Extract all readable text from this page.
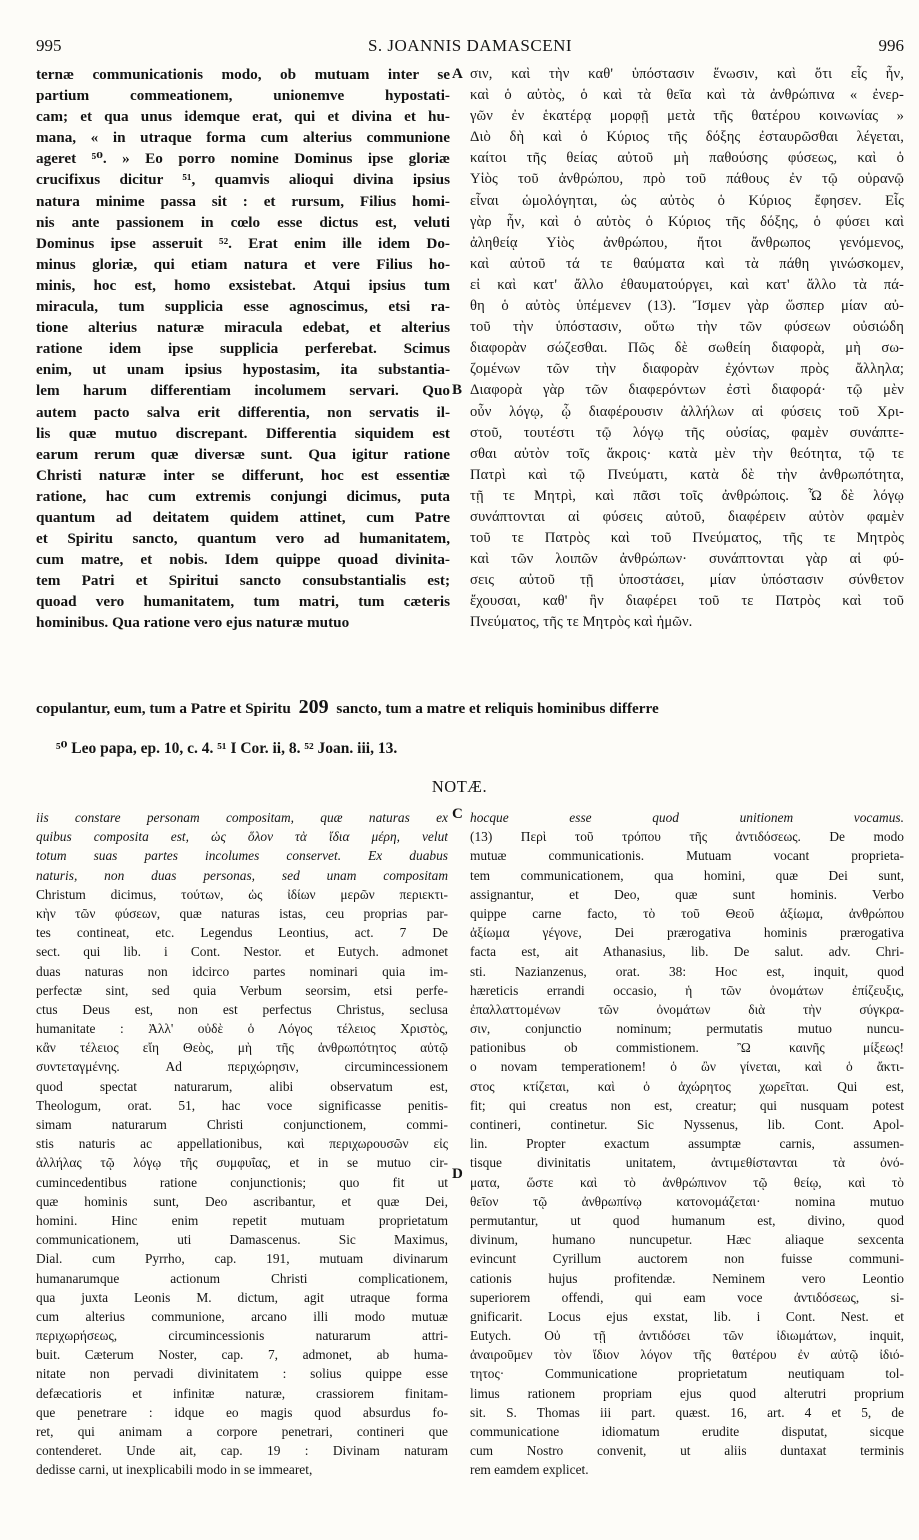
995	S. JOANNIS DAMASCENI	996
ternæ communicationis modo, ob mutuam inter se
partium commeationem, unionemve hypostati-
cam; et qua unus idemque erat, qui et divina et hu-
mana, « in utraque forma cum alterius communione
ageret ⁵⁰. » Eo porro nomine Dominus ipse gloriæ
crucifixus dicitur ⁵¹, quamvis alioqui divina ipsius
natura minime passa sit : et rursum, Filius homi-
nis ante passionem in cœlo esse dictus est, veluti
Dominus ipse asseruit ⁵². Erat enim ille idem Do-
minus gloriæ, qui etiam natura et vere Filius ho-
minis, hoc est, homo exsistebat. Atqui ipsius tum
miracula, tum supplicia esse agnoscimus, etsi ra-
tione alterius naturæ miracula edebat, et alterius
ratione idem ipse supplicia perferebat. Scimus
enim, ut unam ipsius hypostasim, ita substantia-
lem harum differentiam incolumem servari. Quo
autem pacto salva erit differentia, non servatis il-
lis quæ mutuo discrepant. Differentia siquidem est
earum rerum quæ diversæ sunt. Qua igitur ratione
Christi naturæ inter se differunt, hoc est essentiæ
ratione, hac cum extremis conjungi dicimus, puta
quantum ad deitatem quidem attinet, cum Patre
et Spiritu sancto, quantum vero ad humanitatem,
cum matre, et nobis. Idem quippe quoad divinita-
tem Patri et Spiritui sancto consubstantialis est;
quoad vero humanitatem, tum matri, tum cæteris
hominibus. Qua ratione vero ejus naturæ mutuo
σιν, καὶ τὴν καθ' ὑπόστασιν ἕνωσιν, καὶ ὅτι εἷς ἦν,
καὶ ὁ αὐτὸς, ὁ καὶ τὰ θεῖα καὶ τὰ ἀνθρώπινα « ἐνερ-
γῶν ἐν ἑκατέρᾳ μορφῇ μετὰ τῆς θατέρου κοινωνίας »
Διὸ δὴ καὶ ὁ Κύριος τῆς δόξης ἐσταυρῶσθαι λέγεται,
καίτοι τῆς θείας αὐτοῦ μὴ παθούσης φύσεως, καὶ ὁ
Υἱὸς τοῦ ἀνθρώπου, πρὸ τοῦ πάθους ἐν τῷ οὐρανῷ
εἶναι ὡμολόγηται, ὡς αὐτὸς ὁ Κύριος ἔφησεν. Εἷς
γὰρ ἦν, καὶ ὁ αὐτὸς ὁ Κύριος τῆς δόξης, ὁ φύσει καὶ
ἀληθείᾳ Υἱὸς ἀνθρώπου, ἤτοι ἄνθρωπος γενόμενος,
καὶ αὐτοῦ τά τε θαύματα καὶ τὰ πάθη γινώσκομεν,
εἰ καὶ κατ' ἄλλο ἐθαυματούργει, καὶ κατ' ἄλλο τὰ πά-
θη ὁ αὐτὸς ὑπέμενεν (13). Ἴσμεν γὰρ ὥσπερ μίαν αὐ-
τοῦ τὴν ὑπόστασιν, οὕτω τὴν τῶν φύσεων οὐσιώδη
διαφορὰν σώζεσθαι. Πῶς δὲ σωθείη διαφορὰ, μὴ σω-
ζομένων τῶν τὴν διαφορὰν ἐχόντων πρὸς ἄλληλα;
Διαφορὰ γὰρ τῶν διαφερόντων ἐστὶ διαφορά· τῷ μὲν
οὖν λόγῳ, ᾧ διαφέρουσιν ἀλλήλων αἱ φύσεις τοῦ Χρι-
στοῦ, τουτέστι τῷ λόγῳ τῆς οὐσίας, φαμὲν συνάπτε-
σθαι αὐτὸν τοῖς ἄκροις· κατὰ μὲν τὴν θεότητα, τῷ τε
Πατρὶ καὶ τῷ Πνεύματι, κατὰ δὲ τὴν ἀνθρωπότητα,
τῇ τε Μητρὶ, καὶ πᾶσι τοῖς ἀνθρώποις. Ὧ δὲ λόγῳ
συνάπτονται αἱ φύσεις αὐτοῦ, διαφέρειν αὐτὸν φαμὲν
τοῦ τε Πατρὸς καὶ τοῦ Πνεύματος, τῆς τε Μητρὸς
καὶ τῶν λοιπῶν ἀνθρώπων· συνάπτονται γὰρ αἱ φύ-
σεις αὐτοῦ τῇ ὑποστάσει, μίαν ὑπόστασιν σύνθετον
ἔχουσαι, καθ' ἣν διαφέρει τοῦ τε Πατρὸς καὶ τοῦ
Πνεύματος, τῆς τε Μητρὸς καὶ ἡμῶν.
A
B
copulantur, eum, tum a Patre et Spiritu 209 sancto, tum a matre et reliquis hominibus differre
⁵⁰ Leo papa, ep. 10, c. 4. ⁵¹ I Cor. ii, 8. ⁵² Joan. iii, 13.
NOTÆ.
C
D
iis constare personam compositam, quæ naturas ex
quibus composita est, ὡς ὅλον τὰ ἴδια μέρη, velut
totum suas partes incolumes conservet. Ex duabus
naturis, non duas personas, sed unam compositam
Christum dicimus, τούτων, ὡς ἰδίων μερῶν περιεκτι-
κὴν τῶν φύσεων, quæ naturas istas, ceu proprias par-
tes contineat, etc. Legendus Leontius, act. 7 De
sect. qui lib. i Cont. Nestor. et Eutych. admonet
duas naturas non idcirco partes nominari quia im-
perfectæ sint, sed quia Verbum seorsim, etsi perfe-
ctus Deus est, non est perfectus Christus, seclusa
humanitate : Ἀλλ' οὐδὲ ὁ Λόγος τέλειος Χριστὸς,
κἂν τέλειος εἴη Θεὸς, μὴ τῆς ἀνθρωπότητος αὐτῷ
συντεταγμένης. Ad περιχώρησιν, circumincessionem
quod spectat naturarum, alibi observatum est,
Theologum, orat. 51, hac voce significasse penitis-
simam naturarum Christi conjunctionem, commi-
stis naturis ac appellationibus, καὶ περιχωρουσῶν εἰς
ἀλλήλας τῷ λόγῳ τῆς συμφυΐας, et in se mutuo cir-
cumincedentibus ratione conjunctionis; quo fit ut
quæ hominis sunt, Deo ascribantur, et quæ Dei,
homini. Hinc enim repetit mutuam proprietatum
communicationem, uti Damascenus. Sic Maximus,
Dial. cum Pyrrho, cap. 191, mutuam divinarum
humanarumque actionum Christi complicationem,
qua juxta Leonis M. dictum, agit utraque forma
cum alterius communione, arcano illi modo mutuæ
περιχωρήσεως, circumincessionis naturarum attri-
buit. Cæterum Noster, cap. 7, admonet, ab huma-
nitate non pervadi divinitatem : solius quippe esse
defæcatioris et infinitæ naturæ, crassiorem finitam-
que penetrare : idque eo magis quod absurdus fo-
ret, qui animam a corpore penetrari, contineri que
contenderet. Unde ait, cap. 19 : Divinam naturam
dedisse carni, ut inexplicabili modo in se immearet,
hocque esse quod unitionem vocamus.
(13) Περὶ τοῦ τρόπου τῆς ἀντιδόσεως. De modo
mutuæ communicationis. Mutuam vocant proprieta-
tem communicationem, qua homini, quæ Dei sunt,
assignantur, et Deo, quæ sunt hominis. Verbo
quippe carne facto, τὸ τοῦ Θεοῦ ἀξίωμα, ἀνθρώπου
ἀξίωμα γέγονε, Dei prærogativa hominis prærogativa
facta est, ait Athanasius, lib. De salut. adv. Chri-
sti. Nazianzenus, orat. 38: Hoc est, inquit, quod
hæreticis errandi occasio, ἡ τῶν ὀνομάτων ἐπίζευξις,
ἐπαλλαττομένων τῶν ὀνομάτων διὰ τὴν σύγκρα-
σιν, conjunctio nominum; permutatis mutuo nuncu-
pationibus ob commistionem. Ὢ καινῆς μίξεως!
o novam temperationem! ὁ ὢν γίνεται, καὶ ὁ ἄκτι-
στος κτίζεται, καὶ ὁ ἀχώρητος χωρεῖται. Qui est,
fit; qui creatus non est, creatur; qui nusquam potest
contineri, continetur. Sic Nyssenus, lib. Cont. Apol-
lin. Propter exactum assumptæ carnis, assumen-
tisque divinitatis unitatem, ἀντιμεθίστανται τὰ ὀνό-
ματα, ὥστε καὶ τὸ ἀνθρώπινον τῷ θείῳ, καὶ τὸ
θεῖον τῷ ἀνθρωπίνῳ κατονομάζεται· nomina mutuo
permutantur, ut quod humanum est, divino, quod
divinum, humano nuncupetur. Hæc aliaque sexcenta
evincunt Cyrillum auctorem non fuisse communi-
cationis hujus profitendæ. Neminem vero Leontio
superiorem offendi, qui eam voce ἀντιδόσεως, si-
gnificarit. Locus ejus exstat, lib. i Cont. Nest. et
Eutych. Οὐ τῇ ἀντιδόσει τῶν ἰδιωμάτων, inquit,
ἀναιροῦμεν τὸν ἴδιον λόγον τῆς θατέρου ἐν αὐτῷ ἰδιό-
τητος· Communicatione proprietatum neutiquam tol-
limus rationem propriam ejus quod alterutri proprium
sit. S. Thomas iii part. quæst. 16, art. 4 et 5, de
communicatione idiomatum erudite disputat, sicque
cum Nostro convenit, ut aliis duntaxat terminis
rem eamdem explicet.
